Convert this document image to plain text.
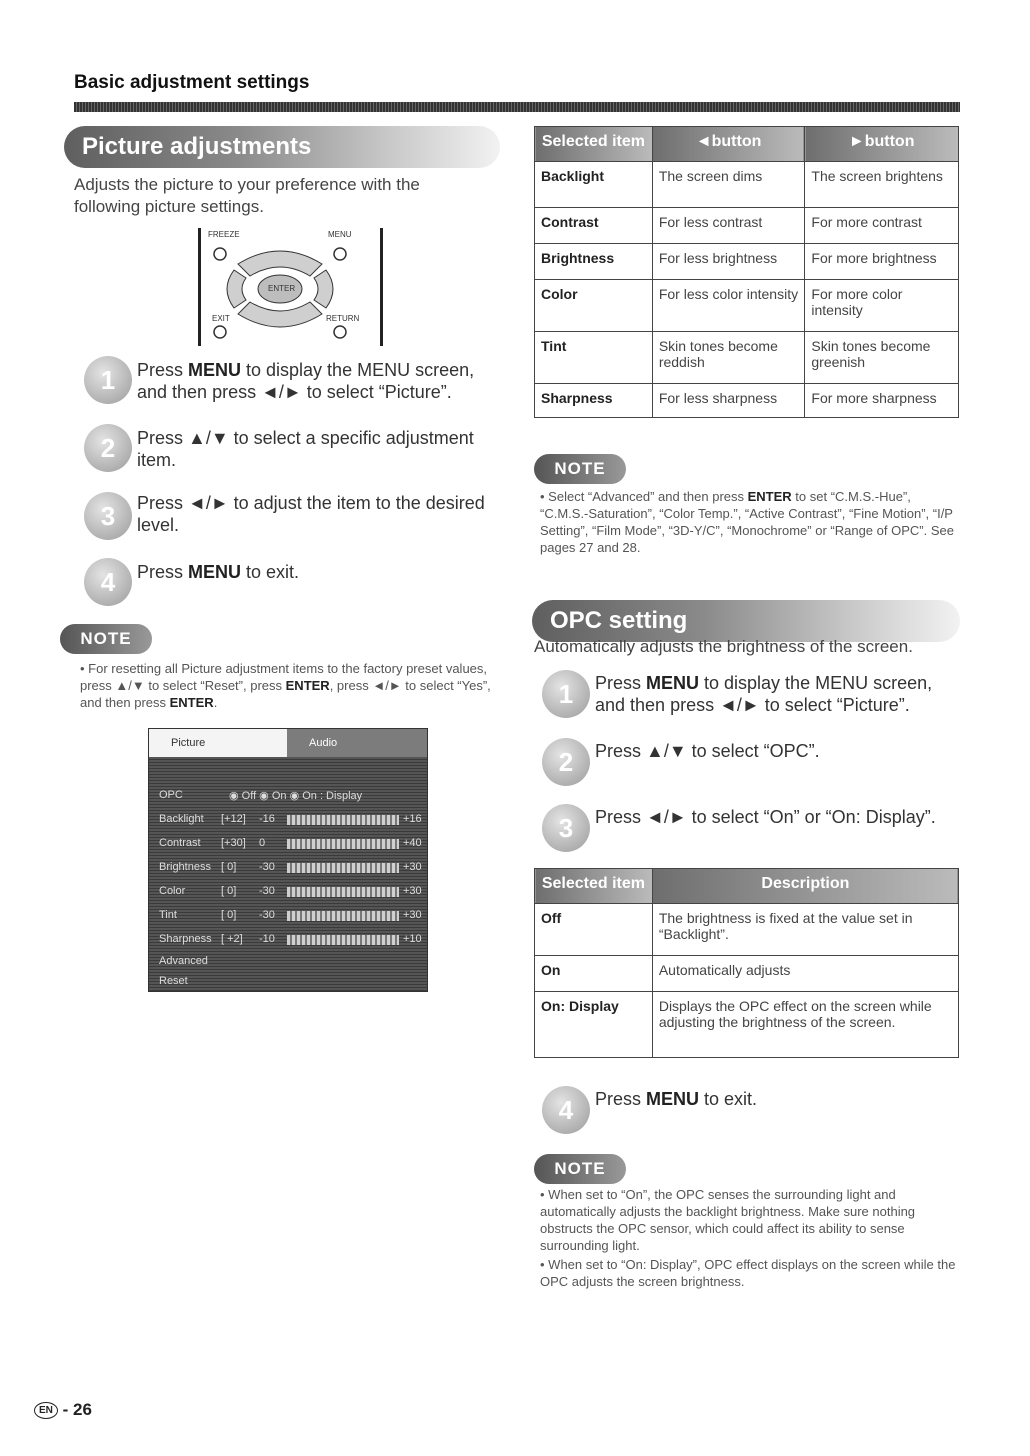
Basic adjustment settings
Picture adjustments
Adjusts the picture to your preference with the following picture settings.
FREEZE	MENU
ENTER
EXIT	RETURN
1	Press MENU to display the MENU screen, and then press ◄/► to select “Picture”.
2	Press ▲/▼ to select a specific adjustment item.
3	Press ◄/► to adjust the item to the desired level.
4	Press MENU to exit.
NOTE
• For resetting all Picture adjustment items to the factory preset values, press ▲/▼ to select “Reset”, press ENTER, press ◄/► to select “Yes”, and then press ENTER.
Picture	Audio
OPC	◉ Off ◉ On ◉ On : Display
Backlight [+12] -16	+16
Contrast [+30] 0	+40
Brightness [ 0] -30	+30
Color	[ 0] -30	+30
Tint	[ 0] -30	+30
Sharpness [ +2] -10	+10
Advanced
Reset
Selected item	◄button	►button
Backlight	The screen dims	The screen brightens
Contrast	For less contrast	For more contrast
Brightness	For less brightness	For more brightness
Color	For less color intensity	For more color intensity
Tint	Skin tones become reddish	Skin tones become greenish
Sharpness	For less sharpness	For more sharpness
NOTE
• Select “Advanced” and then press ENTER to set “C.M.S.-Hue”, “C.M.S.-Saturation”, “Color Temp.”, “Active Contrast”, “Fine Motion”, “I/P Setting”, “Film Mode”, “3D-Y/C”, “Monochrome” or “Range of OPC”. See pages 27 and 28.
OPC setting
Automatically adjusts the brightness of the screen.
1	Press MENU to display the MENU screen, and then press ◄/► to select “Picture”.
2	Press ▲/▼ to select “OPC”.
3	Press ◄/► to select “On” or “On: Display”.
Selected item	Description
Off	The brightness is fixed at the value set in “Backlight”.
On	Automatically adjusts
On: Display	Displays the OPC effect on the screen while adjusting the brightness of the screen.
4	Press MENU to exit.
NOTE
• When set to “On”, the OPC senses the surrounding light and automatically adjusts the backlight brightness. Make sure nothing obstructs the OPC sensor, which could affect its ability to sense surrounding light.
• When set to “On: Display”, OPC effect displays on the screen while the OPC adjusts the screen brightness.
EN - 26
